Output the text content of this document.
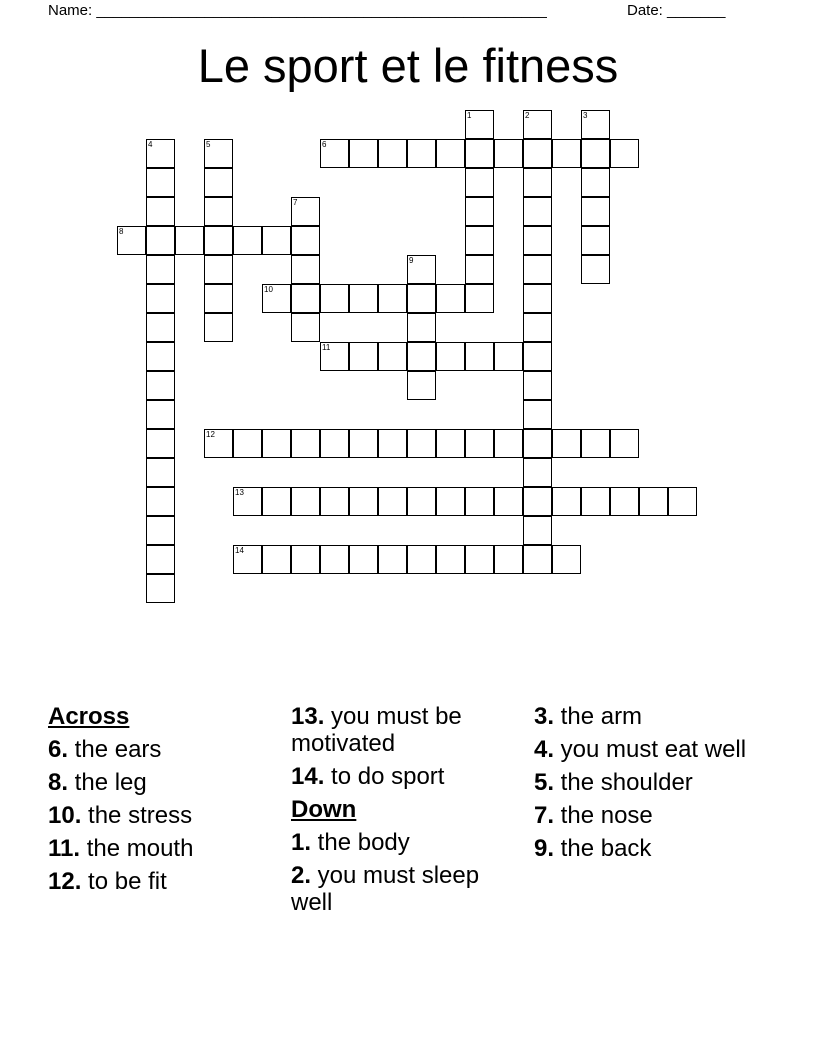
Name: ______________________________________________________	Date: _______
Le sport et le fitness
1	2	3
4	5	6
7
8
9
10
11
12
13
14
Across
6. the ears
8. the leg
10. the stress
11. the mouth
12. to be fit
13. you must be motivated
14. to do sport
Down
1. the body
2. you must sleep well
3. the arm
4. you must eat well
5. the shoulder
7. the nose
9. the back
